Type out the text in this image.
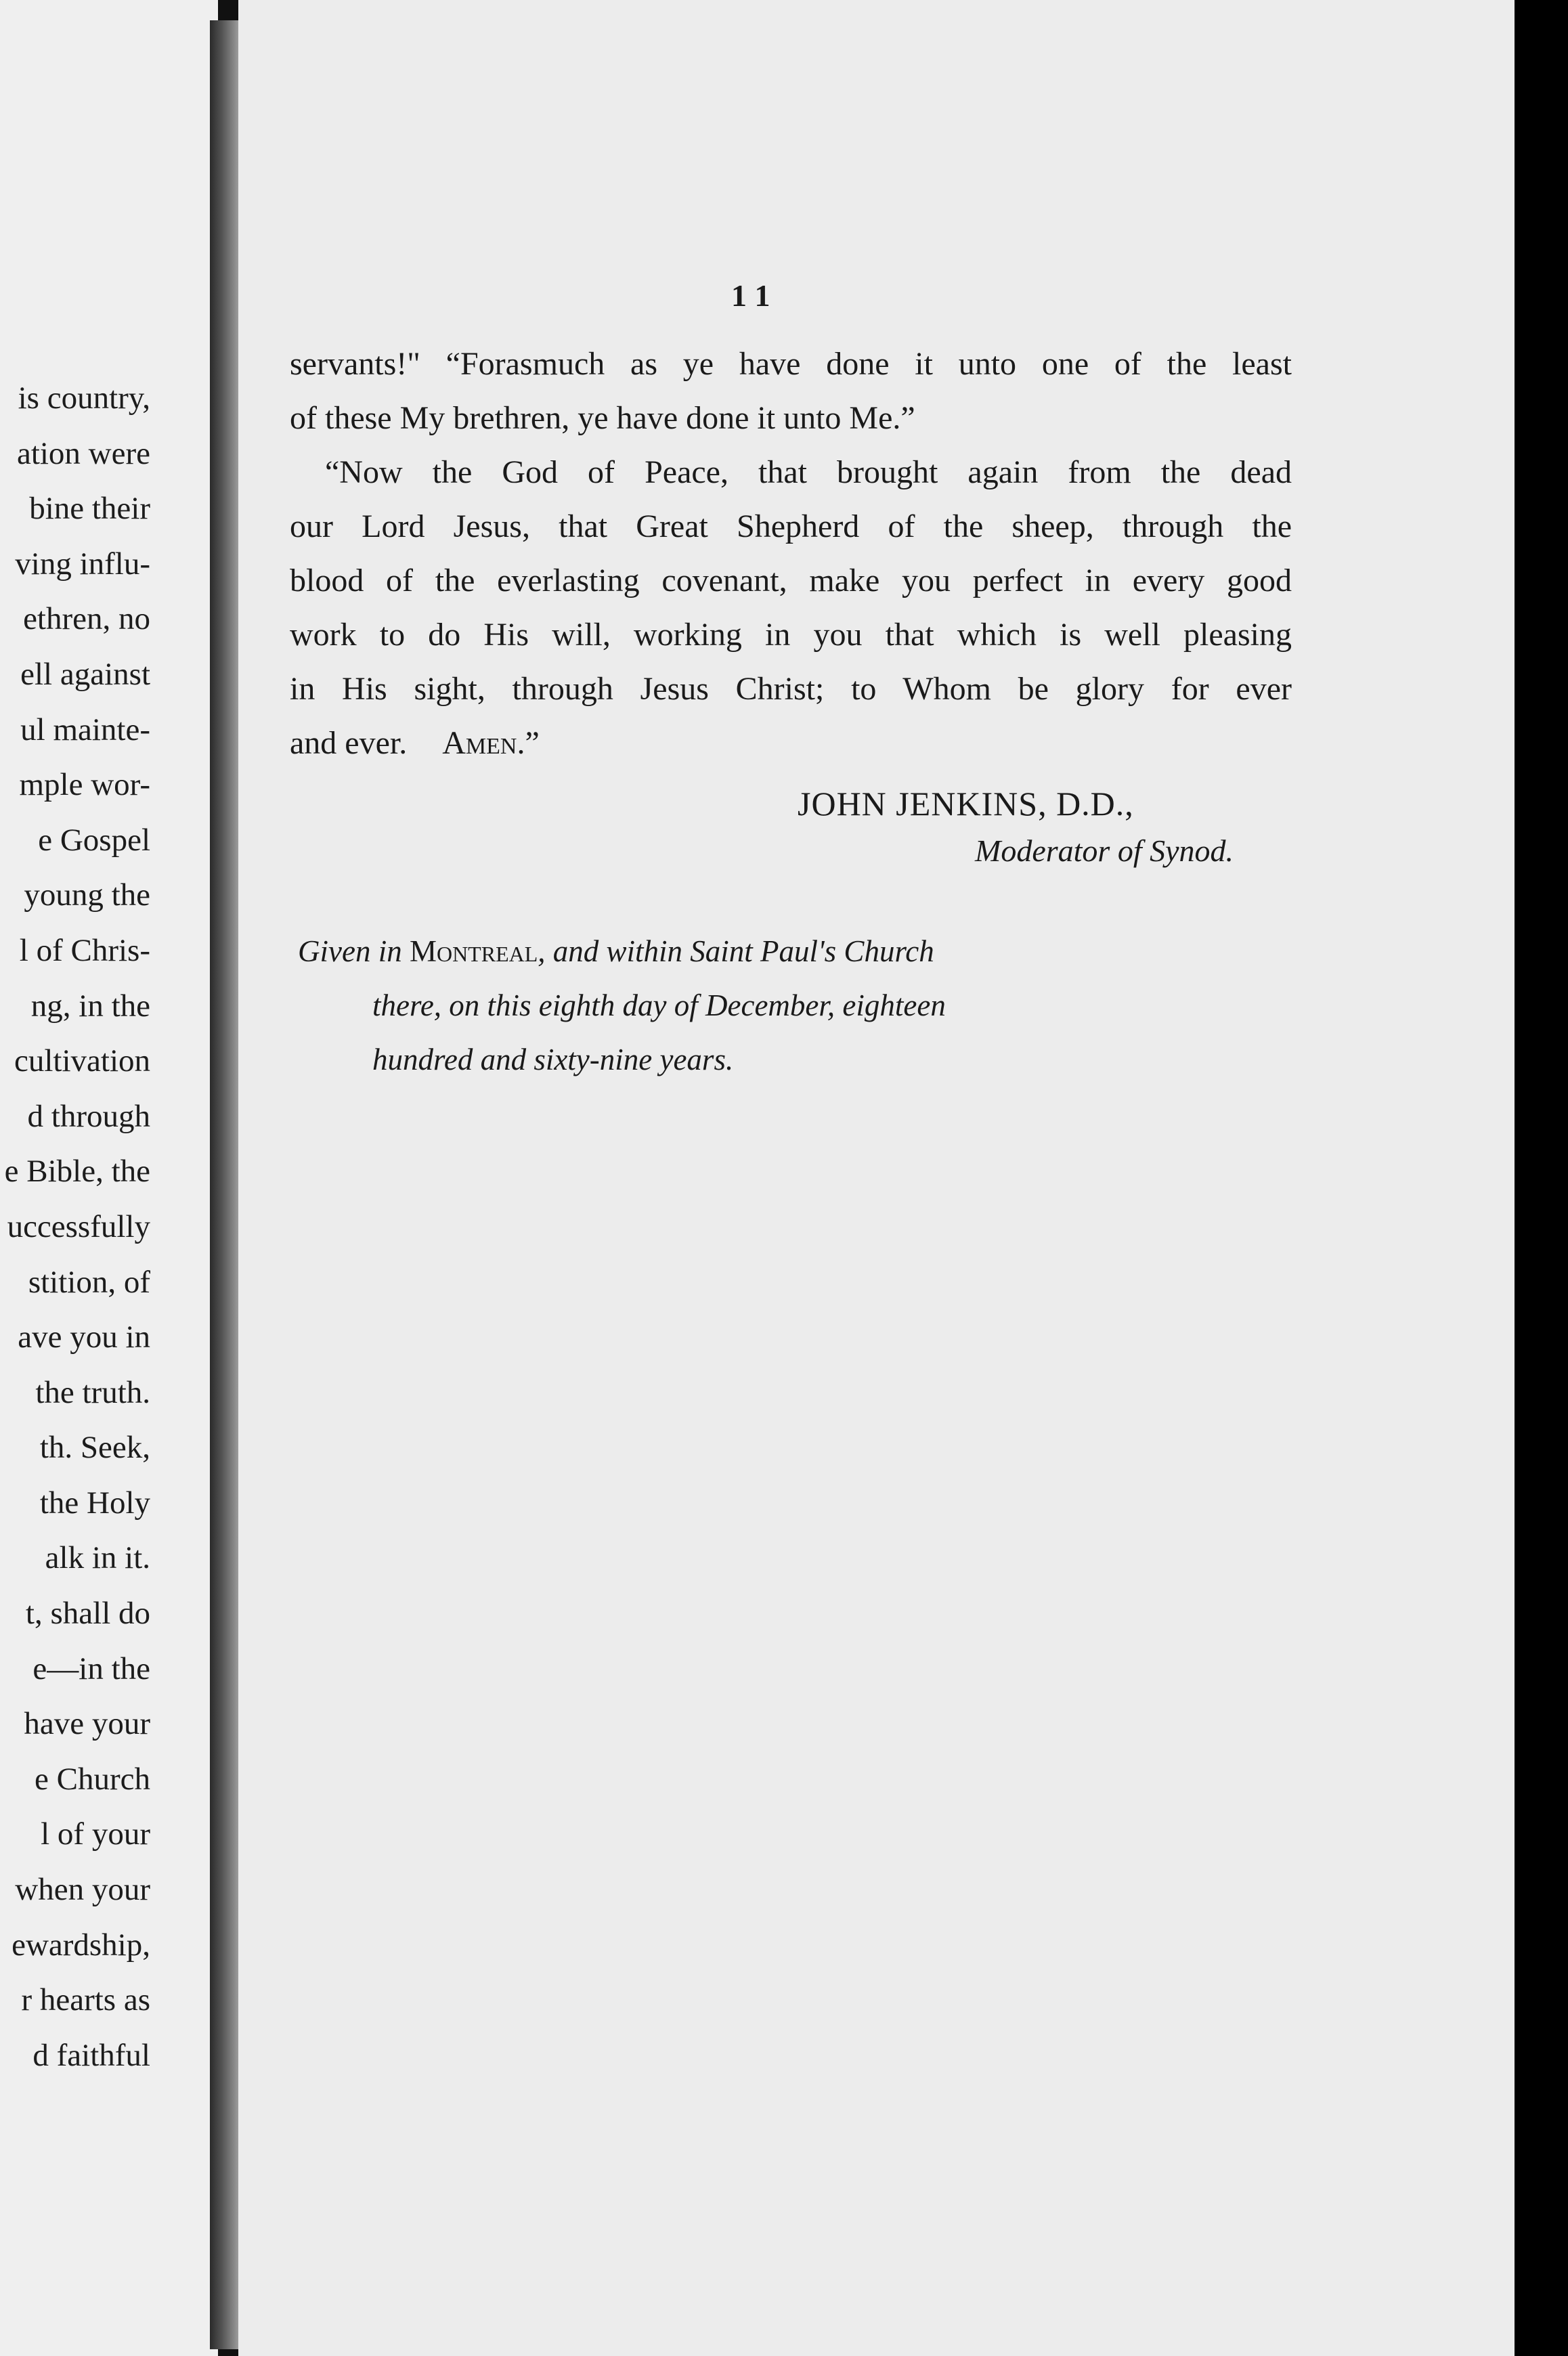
is country,
ation were
bine their
ving influ-
ethren, no
ell against
ul mainte-
mple wor-
e Gospel
young the
l of Chris-
ng, in the
cultivation
d through
e Bible, the
uccessfully
stition, of
ave you in
the truth.
th. Seek,
the Holy
alk in it.
t, shall do
e—in the
have your
e Church
l of your
when your
ewardship,
r hearts as
d faithful
11
servants!" “Forasmuch as ye have done it unto one of the least
of these My brethren, ye have done it unto Me.”
“Now the God of Peace, that brought again from the dead
our Lord Jesus, that Great Shepherd of the sheep, through the
blood of the everlasting covenant, make you perfect in every good
work to do His will, working in you that which is well pleasing
in His sight, through Jesus Christ; to Whom be glory for ever
and ever. Amen.”
JOHN JENKINS, D.D.,
Moderator of Synod.
Given in Montreal, and within Saint Paul's Church
there, on this eighth day of December, eighteen
hundred and sixty-nine years.
